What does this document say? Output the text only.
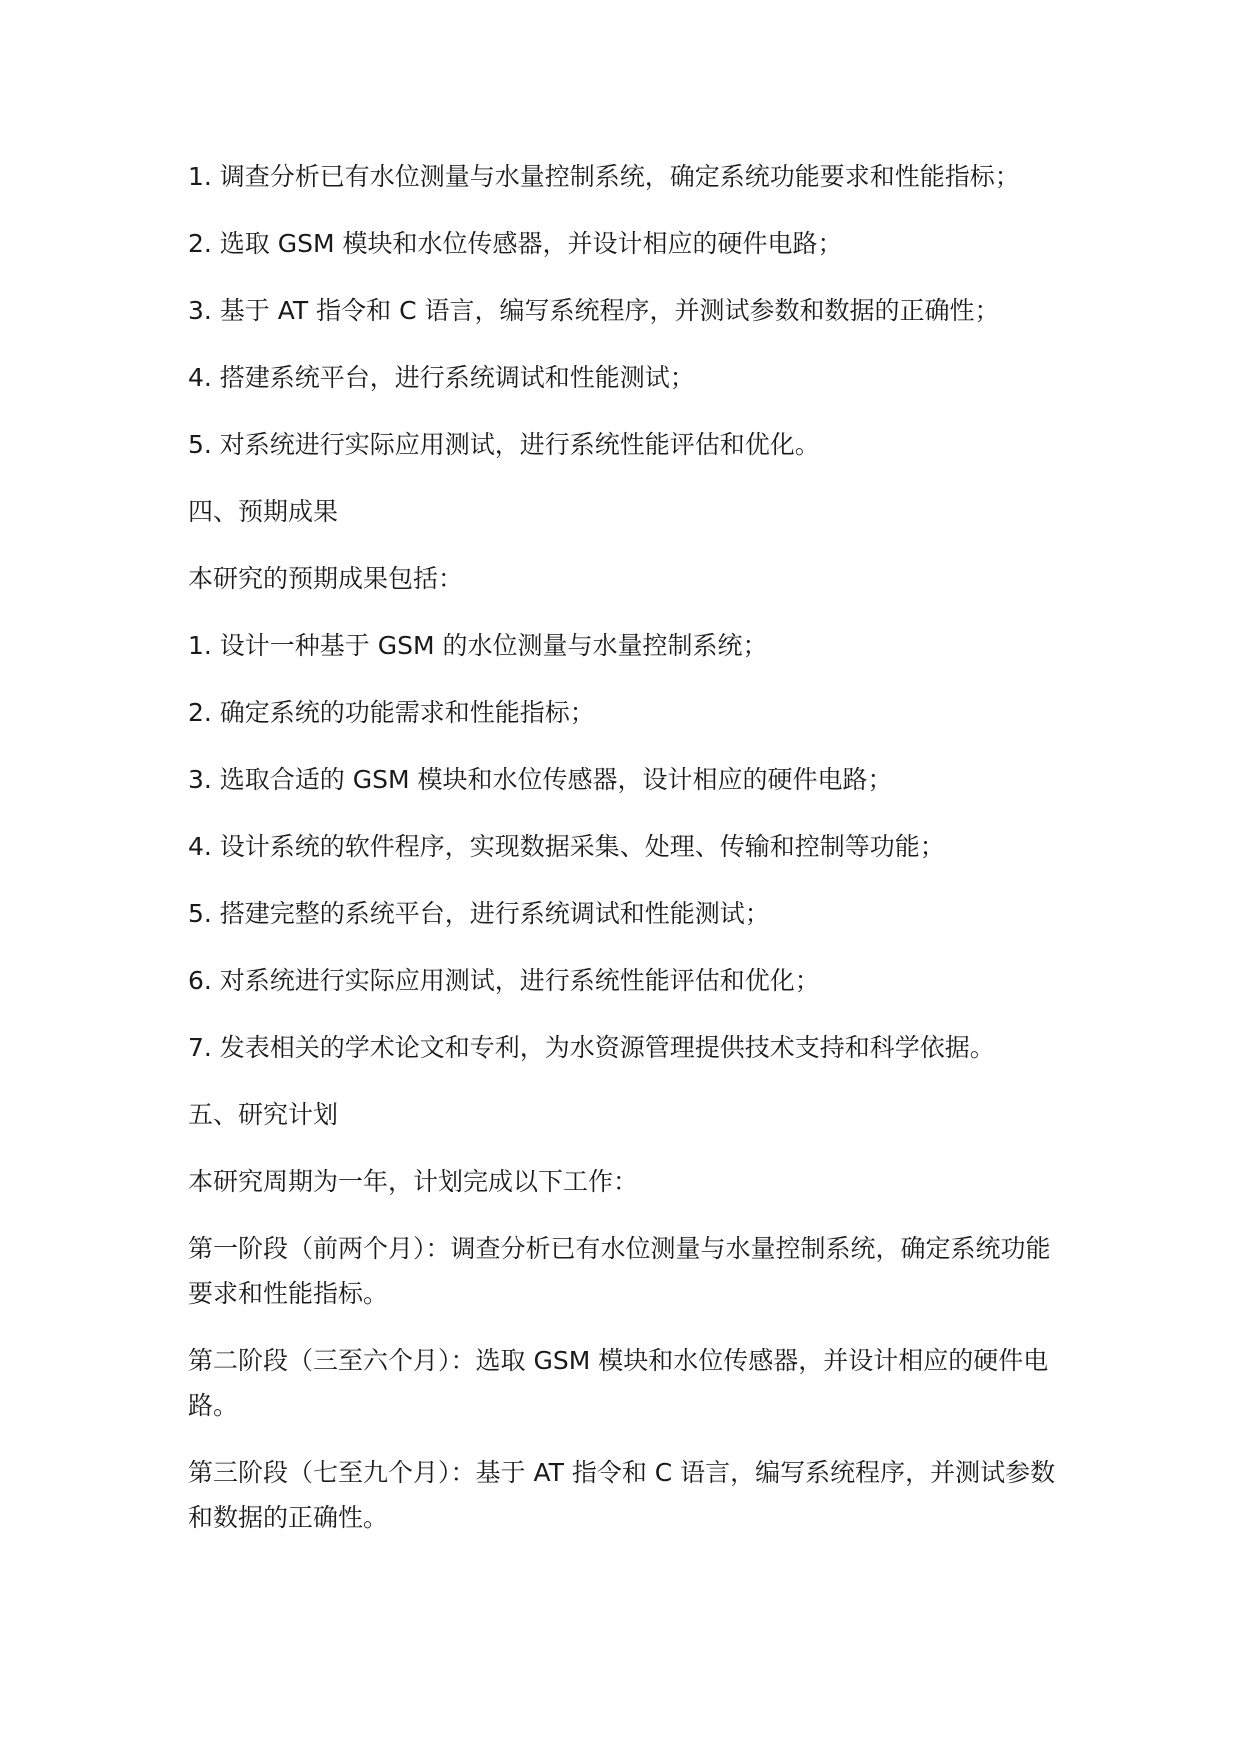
1. 调查分析已有水位测量与水量控制系统，确定系统功能要求和性能指标；

2. 选取 GSM 模块和水位传感器，并设计相应的硬件电路；

3. 基于 AT 指令和 C 语言，编写系统程序，并测试参数和数据的正确性；

4. 搭建系统平台，进行系统调试和性能测试；

5. 对系统进行实际应用测试，进行系统性能评估和优化。

四、预期成果

本研究的预期成果包括：

1. 设计一种基于 GSM 的水位测量与水量控制系统；

2. 确定系统的功能需求和性能指标；

3. 选取合适的 GSM 模块和水位传感器，设计相应的硬件电路；

4. 设计系统的软件程序，实现数据采集、处理、传输和控制等功能；

5. 搭建完整的系统平台，进行系统调试和性能测试；

6. 对系统进行实际应用测试，进行系统性能评估和优化；

7. 发表相关的学术论文和专利，为水资源管理提供技术支持和科学依据。

五、研究计划

本研究周期为一年，计划完成以下工作：

第一阶段（前两个月）：调查分析已有水位测量与水量控制系统，确定系统功能要求和性能指标。

第二阶段（三至六个月）：选取 GSM 模块和水位传感器，并设计相应的硬件电路。

第三阶段（七至九个月）：基于 AT 指令和 C 语言，编写系统程序，并测试参数和数据的正确性。
